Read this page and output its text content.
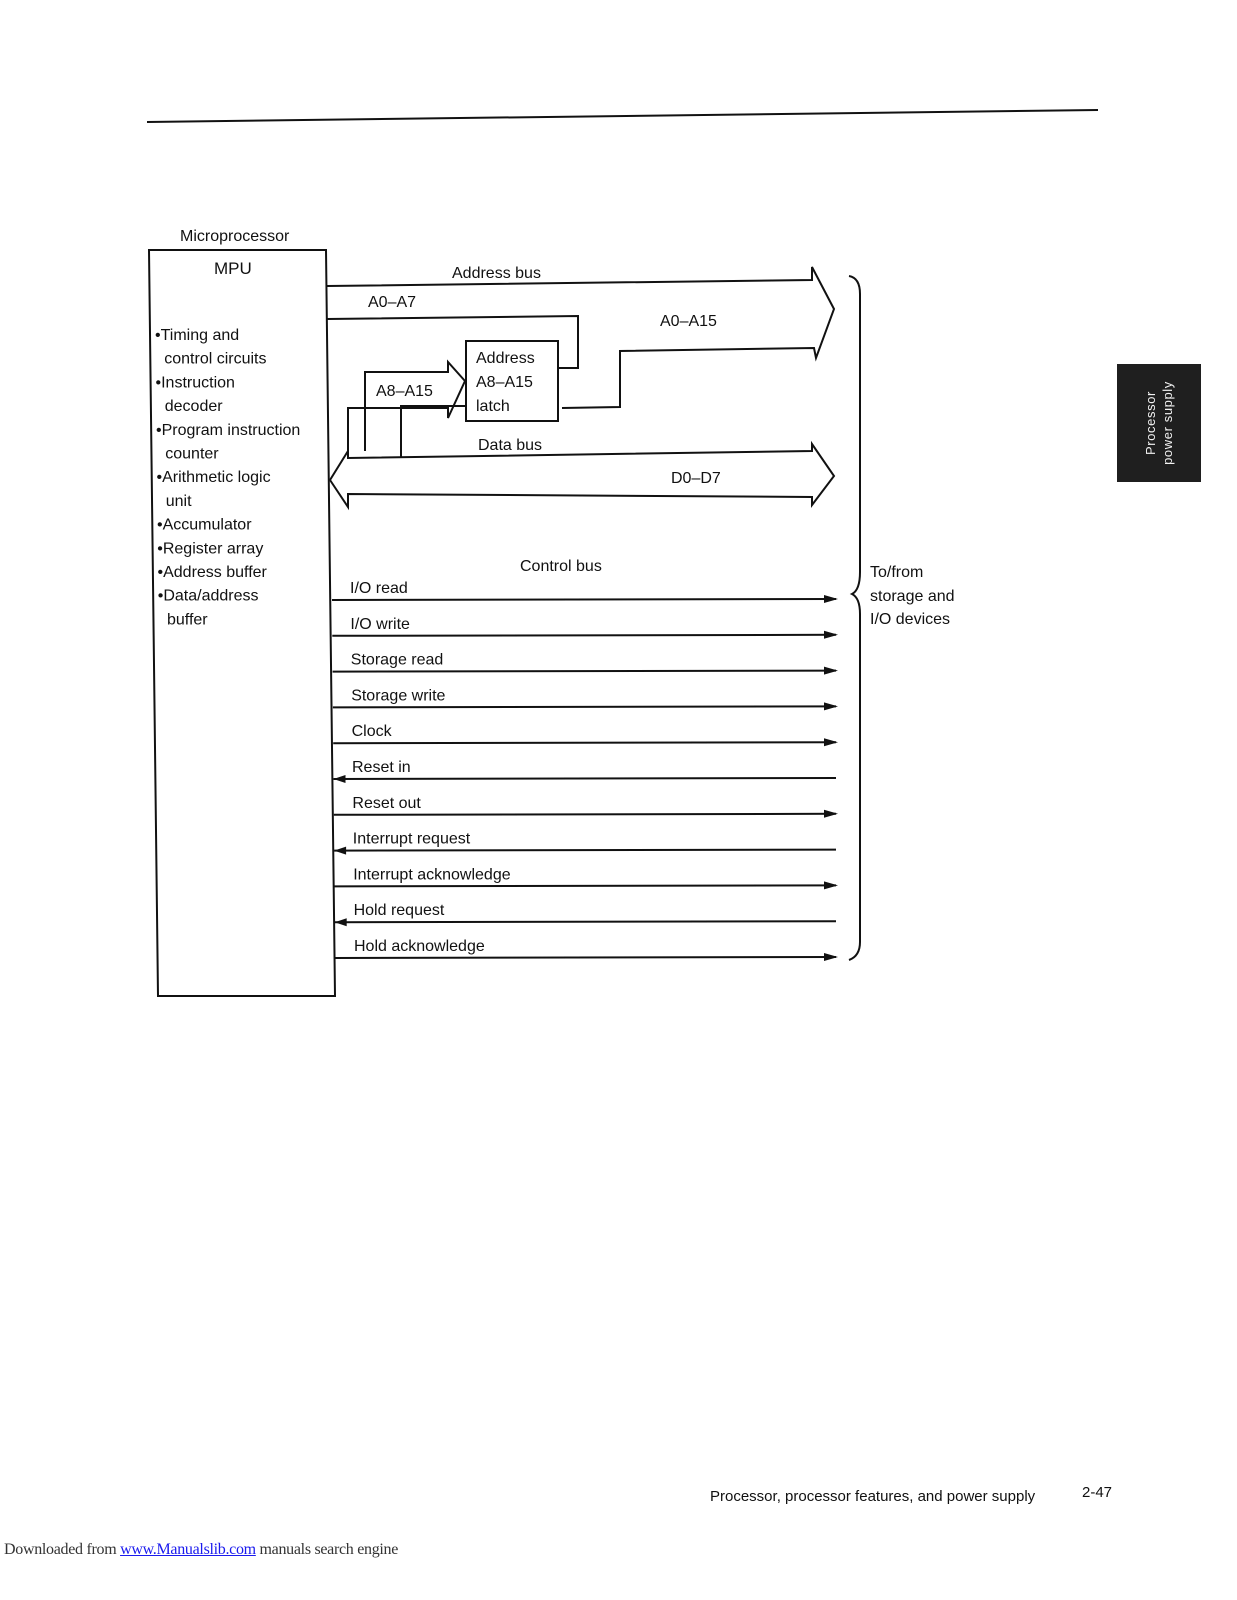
Microprocessor
MPU
•Timing and
control circuits
•Instruction
decoder
•Program instruction
counter
•Arithmetic logic
unit
•Accumulator
•Register array
•Address buffer
•Data/address
buffer
Address bus
A0–A7
A0–A15
Address
A8–A15
latch
A8–A15
Data bus
D0–D7
Control bus
I/O read
I/O write
Storage read
Storage write
Clock
Reset in
Reset out
Interrupt request
Interrupt acknowledge
Hold request
Hold acknowledge
To/from
storage and
I/O devices
Processor power supply
Processor, processor features, and power supply	2-47
Downloaded from www.Manualslib.com manuals search engine
